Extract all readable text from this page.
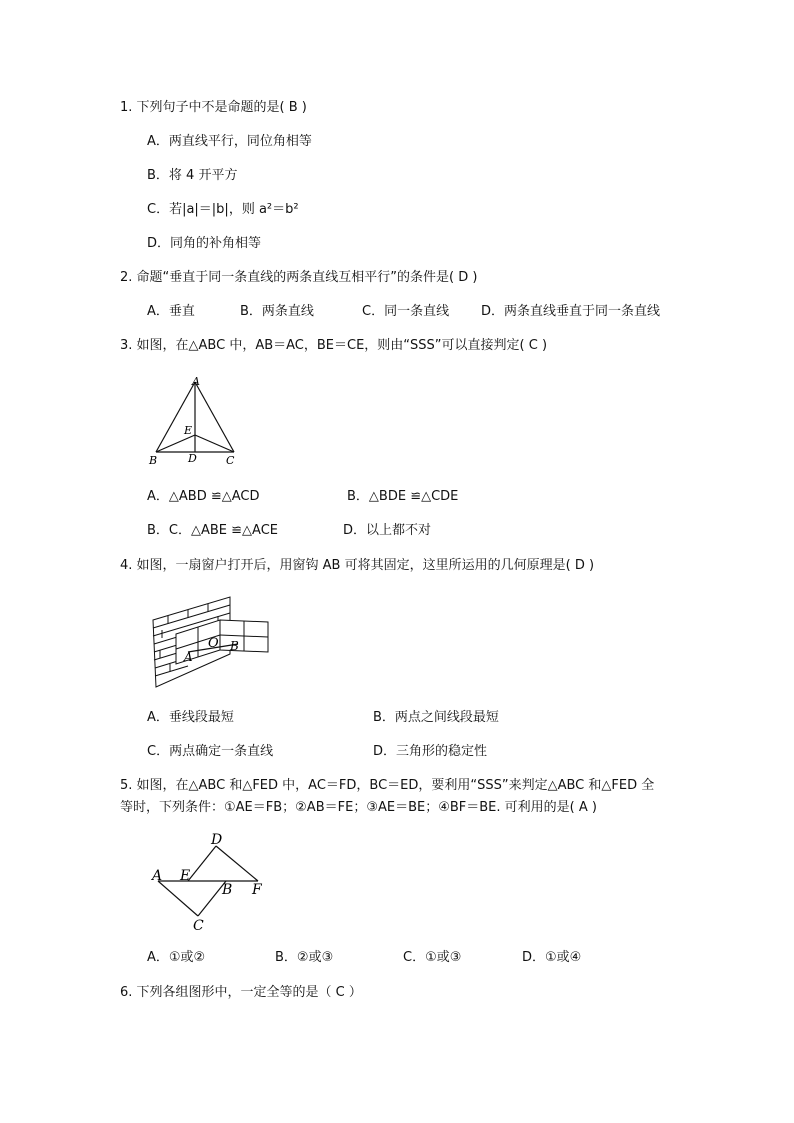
1. 下列句子中不是命题的是( B )
A．两直线平行，同位角相等
B．将 4 开平方
C．若|a|＝|b|，则 a²＝b²
D．同角的补角相等
2. 命题“垂直于同一条直线的两条直线互相平行”的条件是( D )
A．垂直	B．两条直线	C．同一条直线 D．两条直线垂直于同一条直线
3. 如图，在△ABC 中，AB＝AC，BE＝CE，则由“SSS”可以直接判定( C )
A
E
B	D	C
A．△ABD ≌△ACD	B．△BDE ≌△CDE
B．C．△ABE ≌△ACE	D．以上都不对
4. 如图，一扇窗户打开后，用窗钩 AB 可将其固定，这里所运用的几何原理是( D )
O B
A
A．垂线段最短	B．两点之间线段最短
C．两点确定一条直线	D．三角形的稳定性
5. 如图，在△ABC 和△FED 中，AC＝FD，BC＝ED，要利用“SSS”来判定△ABC 和△FED 全
等时，下列条件：①AE＝FB；②AB＝FE；③AE＝BE；④BF＝BE. 可利用的是( A )
D
A E
B F
C
A．①或②	B．②或③	C．①或③	D．①或④
6. 下列各组图形中，一定全等的是（ C ）
